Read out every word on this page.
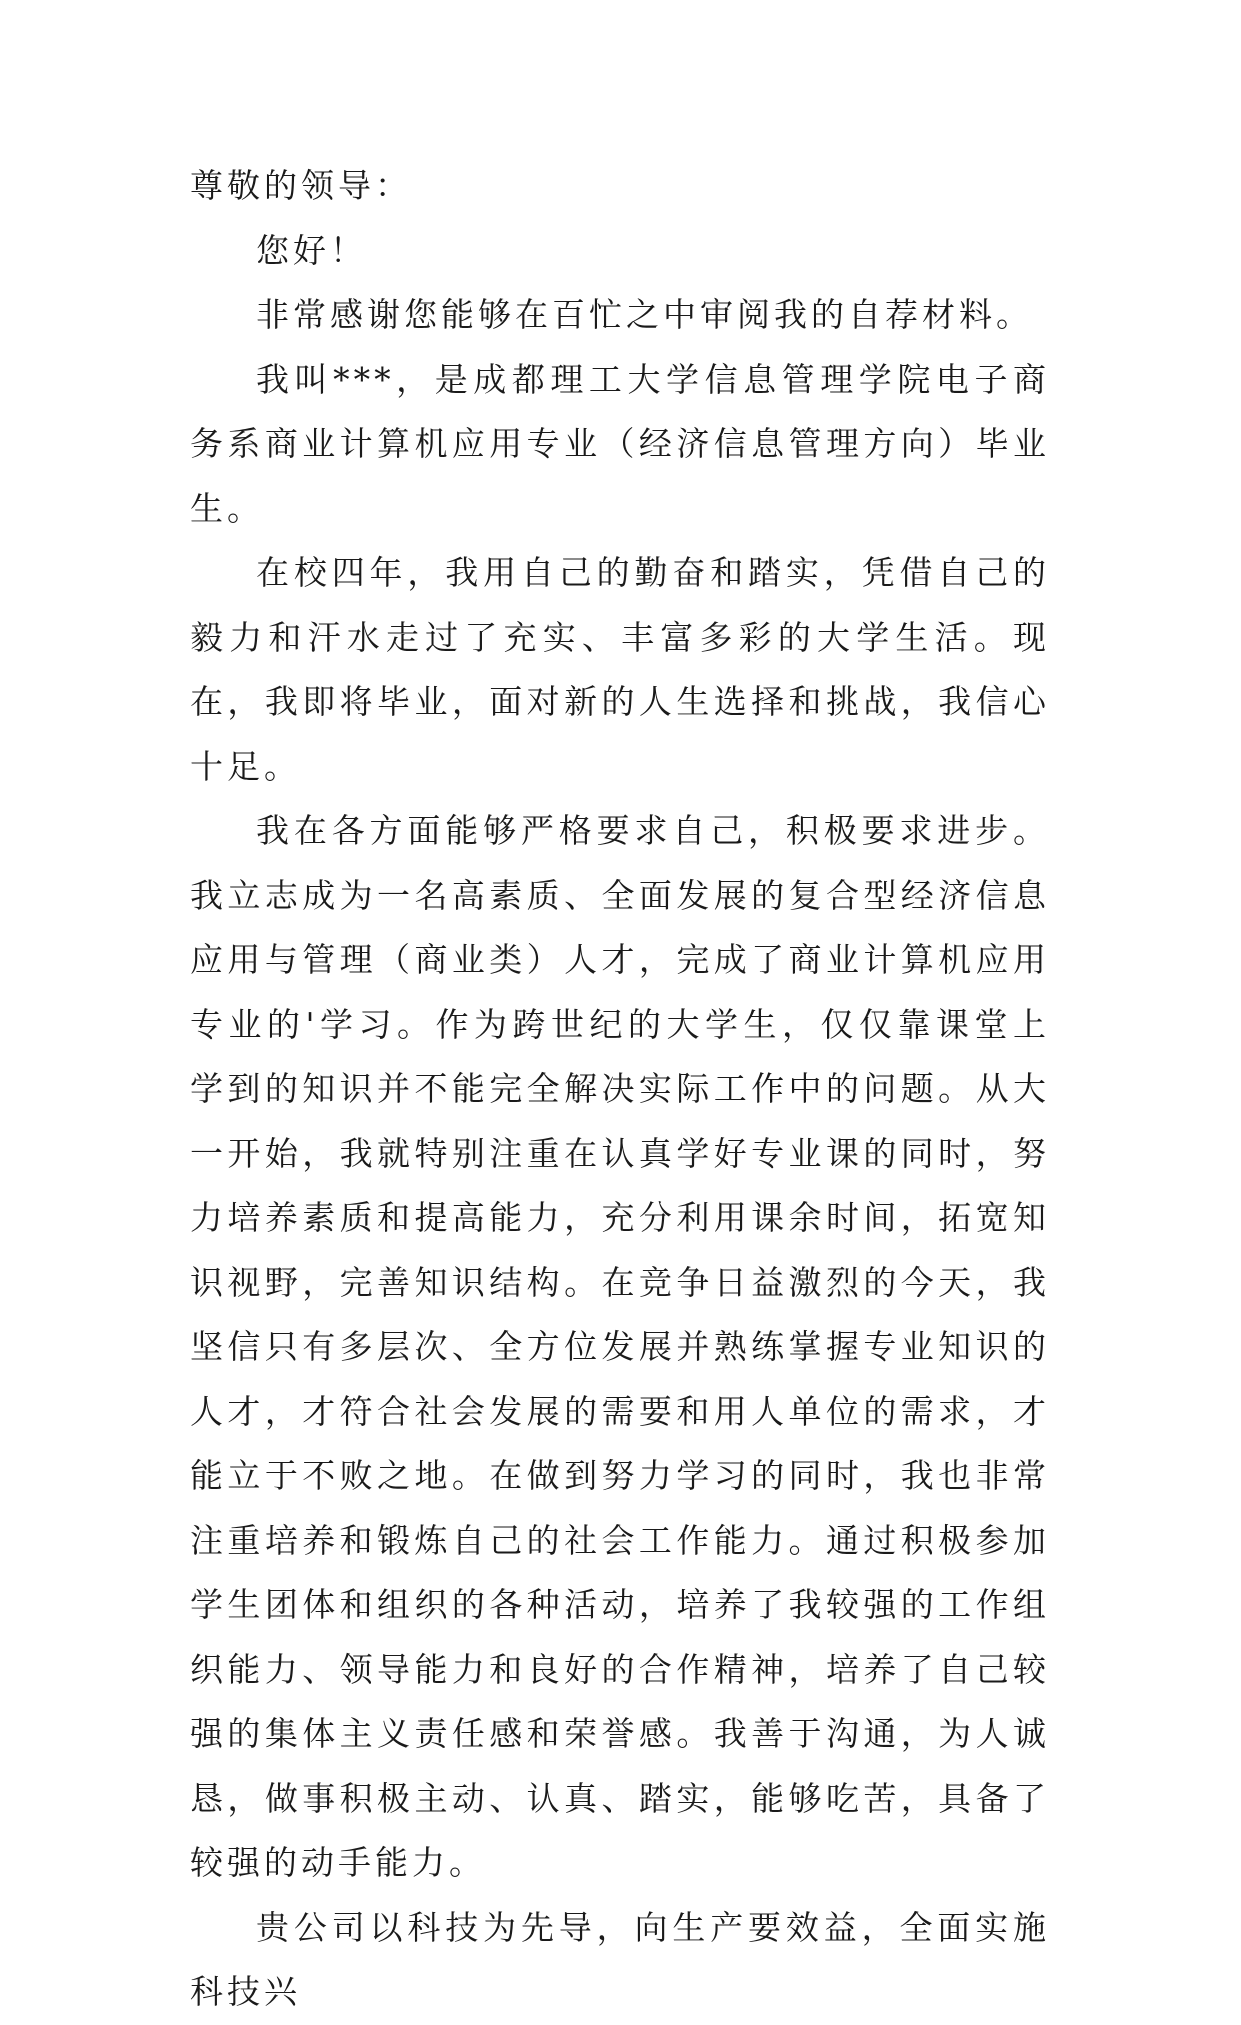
尊敬的领导：

您好！

非常感谢您能够在百忙之中审阅我的自荐材料。

我叫***，是成都理工大学信息管理学院电子商务系商业计算机应用专业（经济信息管理方向）毕业生。

在校四年，我用自己的勤奋和踏实，凭借自己的毅力和汗水走过了充实、丰富多彩的大学生活。现在，我即将毕业，面对新的人生选择和挑战，我信心十足。

我在各方面能够严格要求自己，积极要求进步。我立志成为一名高素质、全面发展的复合型经济信息应用与管理（商业类）人才，完成了商业计算机应用专业的'学习。作为跨世纪的大学生，仅仅靠课堂上学到的知识并不能完全解决实际工作中的问题。从大一开始，我就特别注重在认真学好专业课的同时，努力培养素质和提高能力，充分利用课余时间，拓宽知识视野，完善知识结构。在竞争日益激烈的今天，我坚信只有多层次、全方位发展并熟练掌握专业知识的人才，才符合社会发展的需要和用人单位的需求，才能立于不败之地。在做到努力学习的同时，我也非常注重培养和锻炼自己的社会工作能力。通过积极参加学生团体和组织的各种活动，培养了我较强的工作组织能力、领导能力和良好的合作精神，培养了自己较强的集体主义责任感和荣誉感。我善于沟通，为人诚恳，做事积极主动、认真、踏实，能够吃苦，具备了较强的动手能力。

贵公司以科技为先导，向生产要效益，全面实施科技兴
